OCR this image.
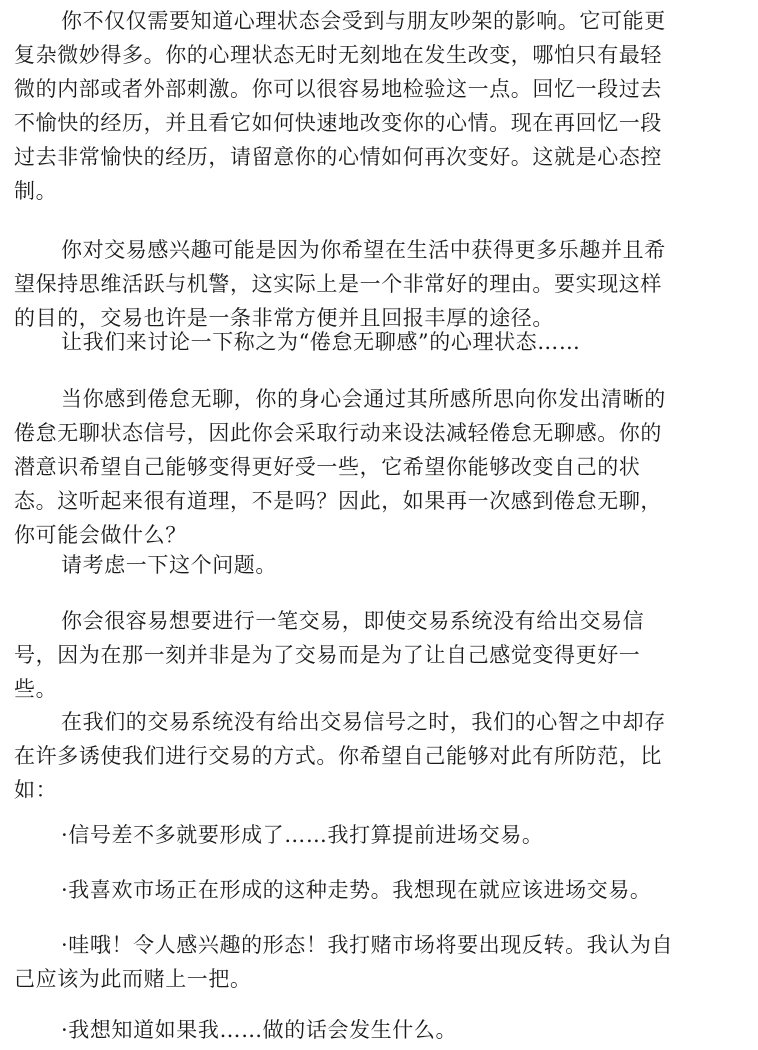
你不仅仅需要知道心理状态会受到与朋友吵架的影响。它可能更

复杂微妙得多。你的心理状态无时无刻地在发生改变，哪怕只有最轻

微的内部或者外部刺激。你可以很容易地检验这一点。回忆一段过去

不愉快的经历，并且看它如何快速地改变你的心情。现在再回忆一段

过去非常愉快的经历，请留意你的心情如何再次变好。这就是心态控

制。

你对交易感兴趣可能是因为你希望在生活中获得更多乐趣并且希

望保持思维活跃与机警，这实际上是一个非常好的理由。要实现这样

的目的，交易也许是一条非常方便并且回报丰厚的途径。

让我们来讨论一下称之为“倦怠无聊感”的心理状态……

当你感到倦怠无聊，你的身心会通过其所感所思向你发出清晰的

倦怠无聊状态信号，因此你会采取行动来设法减轻倦怠无聊感。你的

潜意识希望自己能够变得更好受一些，它希望你能够改变自己的状

态。这听起来很有道理，不是吗？因此，如果再一次感到倦怠无聊，

你可能会做什么？

请考虑一下这个问题。

你会很容易想要进行一笔交易，即使交易系统没有给出交易信

号，因为在那一刻并非是为了交易而是为了让自己感觉变得更好一

些。

在我们的交易系统没有给出交易信号之时，我们的心智之中却存

在许多诱使我们进行交易的方式。你希望自己能够对此有所防范，比

如：

·信号差不多就要形成了……我打算提前进场交易。

·我喜欢市场正在形成的这种走势。我想现在就应该进场交易。

·哇哦！令人感兴趣的形态！我打赌市场将要出现反转。我认为自

己应该为此而赌上一把。

·我想知道如果我……做的话会发生什么。
